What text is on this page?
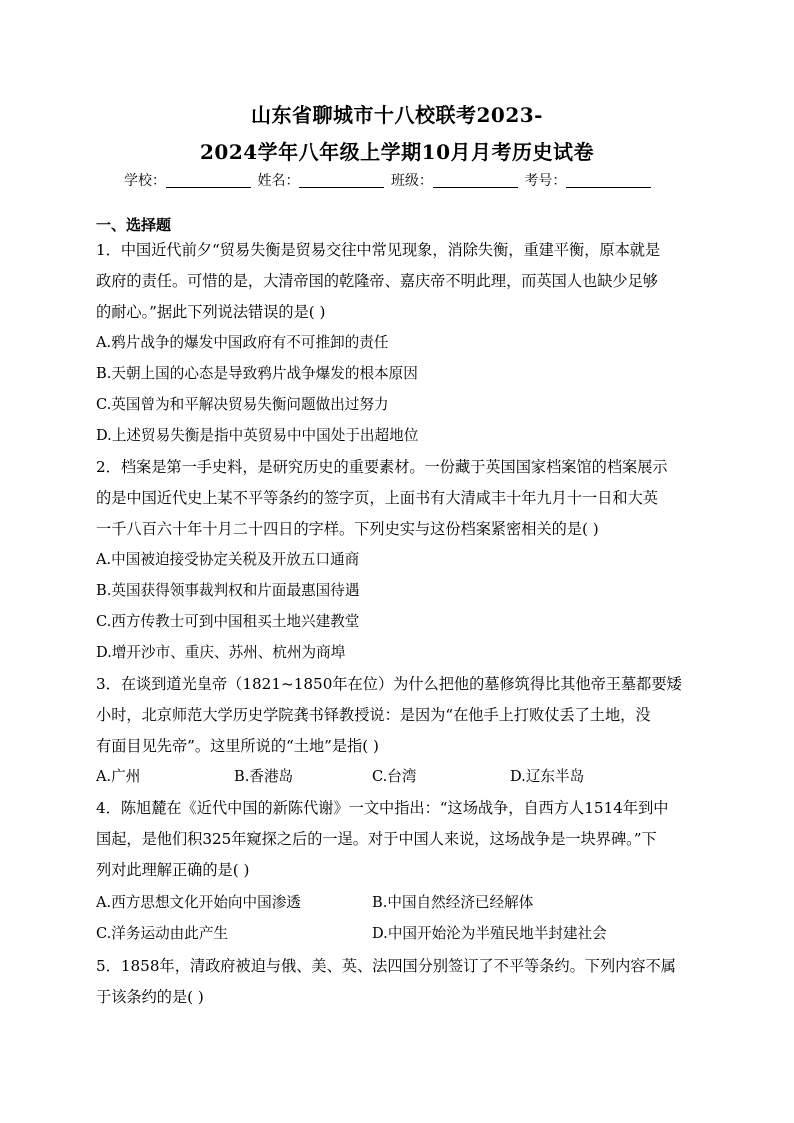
山东省聊城市十八校联考2023-
2024学年八年级上学期10月月考历史试卷
学校：	姓名：	班级：	考号：
一、选择题
1．中国近代前夕“贸易失衡是贸易交往中常见现象，消除失衡，重建平衡，原本就是
政府的责任。可惜的是，大清帝国的乾隆帝、嘉庆帝不明此理，而英国人也缺少足够
的耐心。”据此下列说法错误的是( )
A.鸦片战争的爆发中国政府有不可推卸的责任
B.天朝上国的心态是导致鸦片战争爆发的根本原因
C.英国曾为和平解决贸易失衡问题做出过努力
D.上述贸易失衡是指中英贸易中中国处于出超地位
2．档案是第一手史料，是研究历史的重要素材。一份藏于英国国家档案馆的档案展示
的是中国近代史上某不平等条约的签字页，上面书有大清咸丰十年九月十一日和大英
一千八百六十年十月二十四日的字样。下列史实与这份档案紧密相关的是( )
A.中国被迫接受协定关税及开放五口通商
B.英国获得领事裁判权和片面最惠国待遇
C.西方传教士可到中国租买土地兴建教堂
D.增开沙市、重庆、苏州、杭州为商埠
3．在谈到道光皇帝（1821~1850年在位）为什么把他的墓修筑得比其他帝王墓都要矮
小时，北京师范大学历史学院龚书铎教授说：是因为“在他手上打败仗丢了土地，没
有面目见先帝”。这里所说的“土地”是指( )
A.广州	B.香港岛	C.台湾	D.辽东半岛
4．陈旭麓在《近代中国的新陈代谢》一文中指出：“这场战争，自西方人1514年到中
国起，是他们积325年窥探之后的一逞。对于中国人来说，这场战争是一块界碑。”下
列对此理解正确的是( )
A.西方思想文化开始向中国渗透	B.中国自然经济已经解体
C.洋务运动由此产生	D.中国开始沦为半殖民地半封建社会
5．1858年，清政府被迫与俄、美、英、法四国分别签订了不平等条约。下列内容不属
于该条约的是( )
